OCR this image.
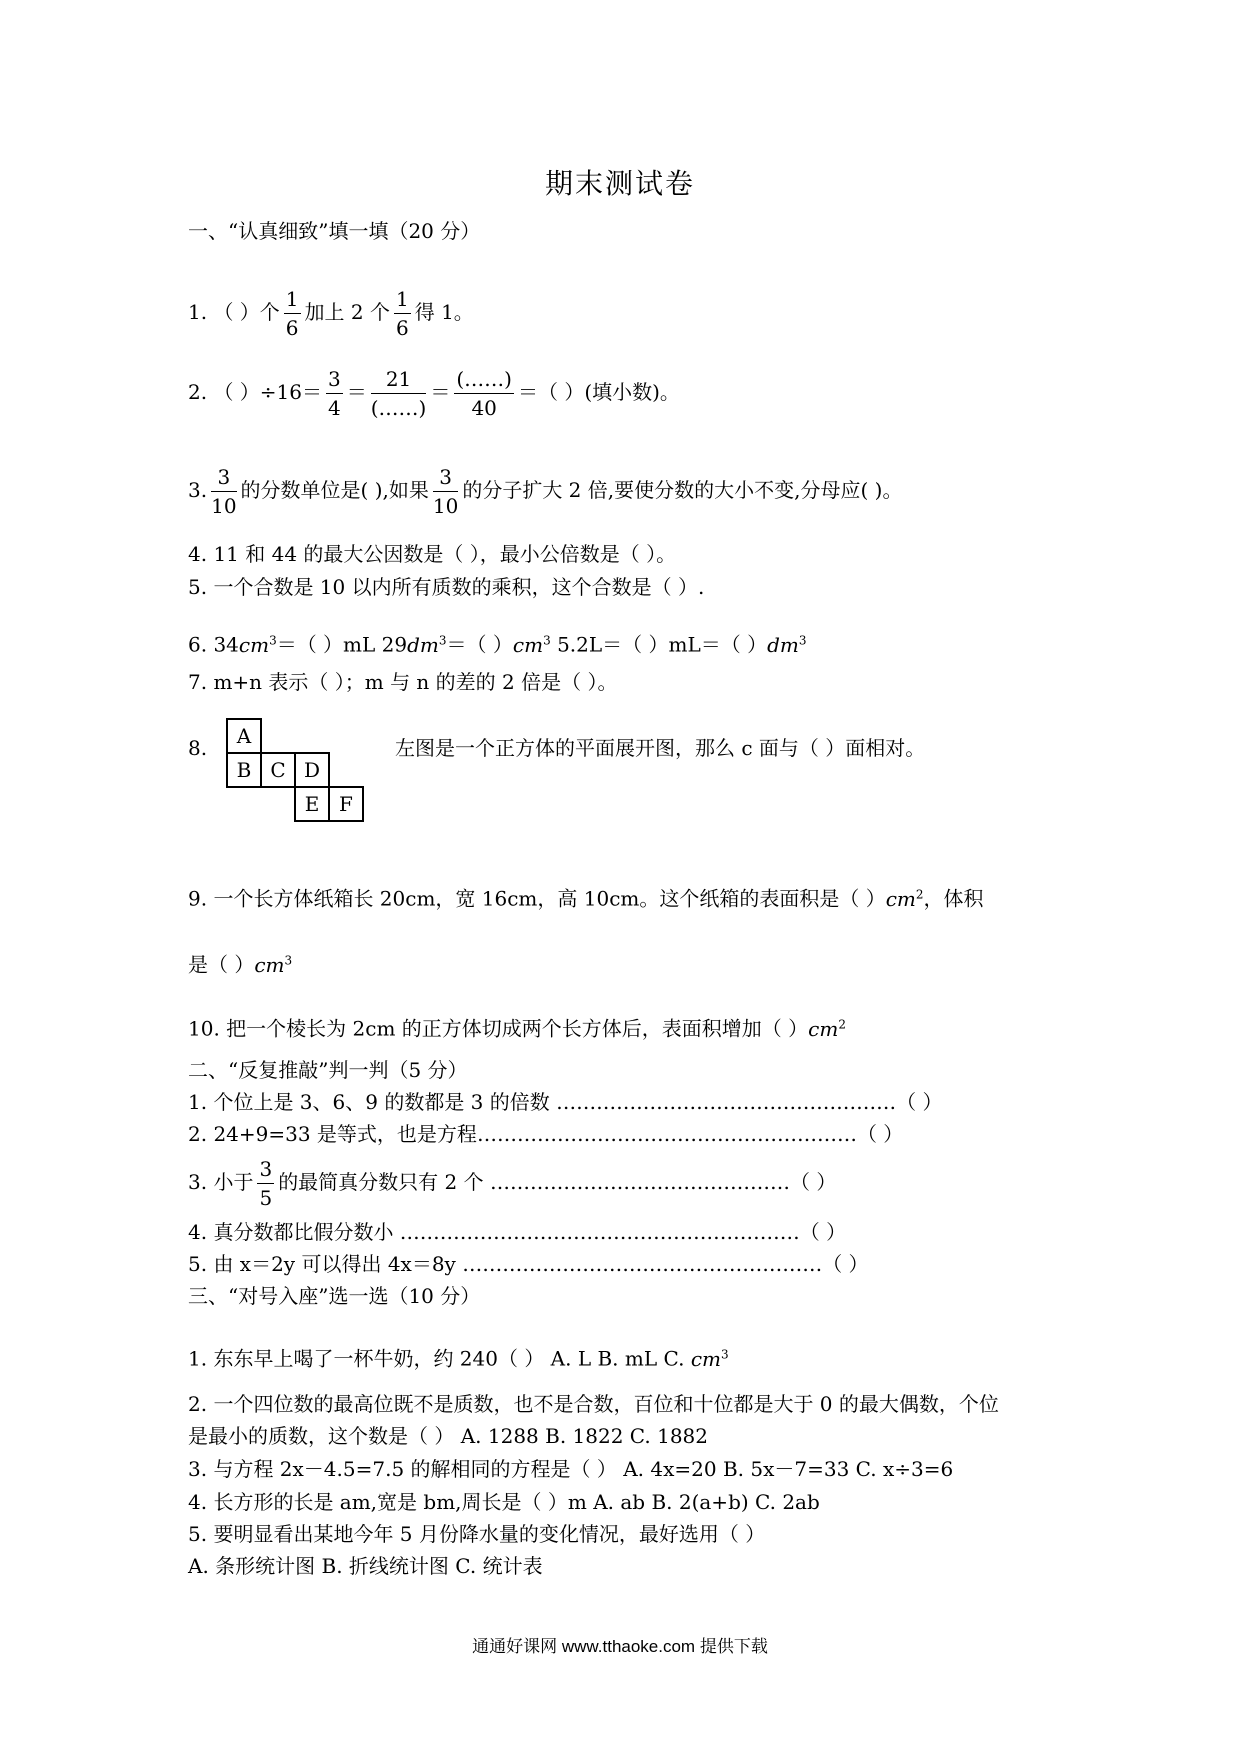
期末测试卷
一、“认真细致”填一填（20 分）
1. （ ）个 $\frac{1}{6}$ 加上 2 个 $\frac{1}{6}$ 得 1。
2. （ ）$\div 16= \frac{3}{4} = \frac{21}{(\dots\dots)} = \frac{(\dots\dots)}{40}$ ＝（ ）(填小数)。
3. $\frac{3}{10}$ 的分数单位是( ),如果 $\frac{3}{10}$ 的分子扩大 2 倍,要使分数的大小不变,分母应( )。
4. 11 和 44 的最大公因数是（ ），最小公倍数是（ ）。
5. 一个合数是 10 以内所有质数的乘积，这个合数是（ ）.
6. $34cm^3=$（ ）mL $29dm^3=$（ ）$cm^3$ 5.2L＝（ ）mL＝（ ）$dm^3$
7. m+n 表示（ ）；m 与 n 的差的 2 倍是（ ）。
8.	A
B C D
E F
左图是一个正方体的平面展开图，那么 c 面与（ ）面相对。
9. 一个长方体纸箱长 20cm，宽 16cm，高 10cm。这个纸箱的表面积是（ ）$cm^2$，体积
是（ ）$cm^3$
10. 把一个棱长为 2cm 的正方体切成两个长方体后，表面积增加（ ）$cm^2$
二、“反复推敲”判一判（5 分）
1. 个位上是 3、6、9 的数都是 3 的倍数 ……………………………………………（ ）
2. 24+9=33 是等式，也是方程…………………………………………………（ ）
3. 小于 $\frac{3}{5}$ 的最简真分数只有 2 个 ………………………………………（ ）
4. 真分数都比假分数小 ……………………………………………………（ ）
5. 由 x＝2y 可以得出 4x＝8y ………………………………………………（ ）
三、“对号入座”选一选（10 分）
1. 东东早上喝了一杯牛奶，约 240（ ） A. L B. mL C. $cm^3$
2. 一个四位数的最高位既不是质数，也不是合数，百位和十位都是大于 0 的最大偶数，个位
是最小的质数，这个数是（ ） A. 1288 B. 1822 C. 1882
3. 与方程 2x－4.5=7.5 的解相同的方程是（ ） A. 4x=20 B. 5x－7=33 C. x÷3=6
4. 长方形的长是 am,宽是 bm,周长是（ ）m A. ab B. 2(a+b) C. 2ab
5. 要明显看出某地今年 5 月份降水量的变化情况，最好选用（ ）
A. 条形统计图 B. 折线统计图 C. 统计表
通通好课网 www.tthaoke.com 提供下载
